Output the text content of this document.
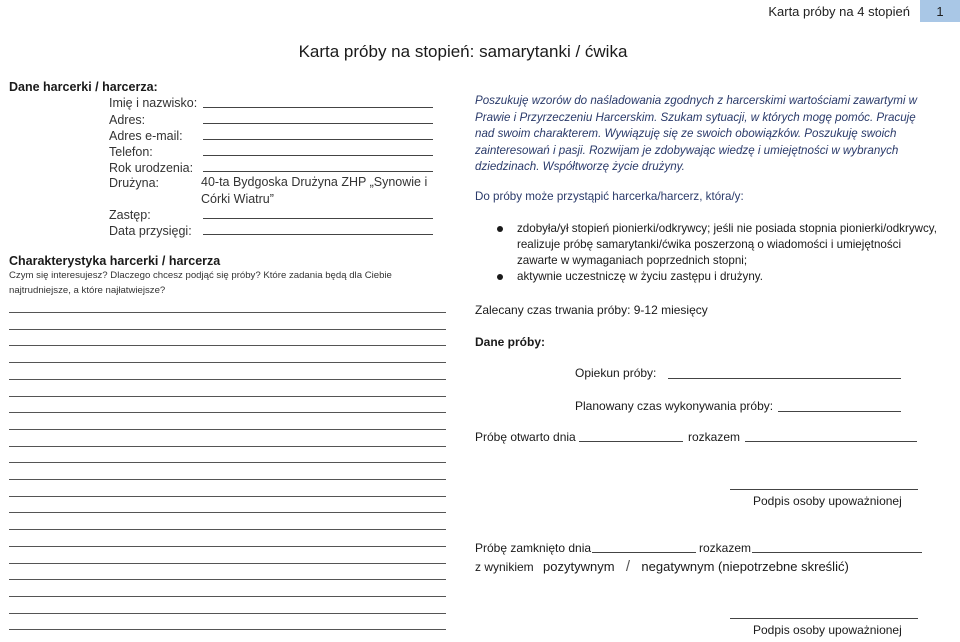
Karta próby na 4 stopień	1
Karta próby na stopień: samarytanki / ćwika
Dane harcerki / harcerza:
Imię i nazwisko:
Adres:
Adres e-mail:
Telefon:
Rok urodzenia:
Drużyna:	40-ta Bydgoska Drużyna ZHP „Synowie i Córki Wiatru”
Zastęp:
Data przysięgi:
Charakterystyka harcerki / harcerza
Czym się interesujesz? Dlaczego chcesz podjąć się próby? Które zadania będą dla Ciebie najtrudniejsze, a które najłatwiejsze?
Poszukuję wzorów do naśladowania zgodnych z harcerskimi wartościami zawartymi w Prawie i Przyrzeczeniu Harcerskim. Szukam sytuacji, w których mogę pomóc. Pracuję nad swoim charakterem. Wywiązuję się ze swoich obowiązków. Poszukuję swoich zainteresowań i pasji. Rozwijam je zdobywając wiedzę i umiejętności w wybranych dziedzinach. Współtworzę życie drużyny.
Do próby może przystąpić harcerka/harcerz, która/y:
zdobyła/ył stopień pionierki/odkrywcy; jeśli nie posiada stopnia pionierki/odkrywcy, realizuje próbę samarytanki/ćwika poszerzoną o wiadomości i umiejętności zawarte w wymaganiach poprzednich stopni;
aktywnie uczestniczę w życiu zastępu i drużyny.
Zalecany czas trwania próby: 9-12 miesięcy
Dane próby:
Opiekun próby:
Planowany czas wykonywania próby:
Próbę otwarto dnia	rozkazem
Podpis osoby upoważnionej
Próbę zamknięto dnia	rozkazem
z wynikiem pozytywnym / negatywnym (niepotrzebne skreślić)
Podpis osoby upoważnionej
